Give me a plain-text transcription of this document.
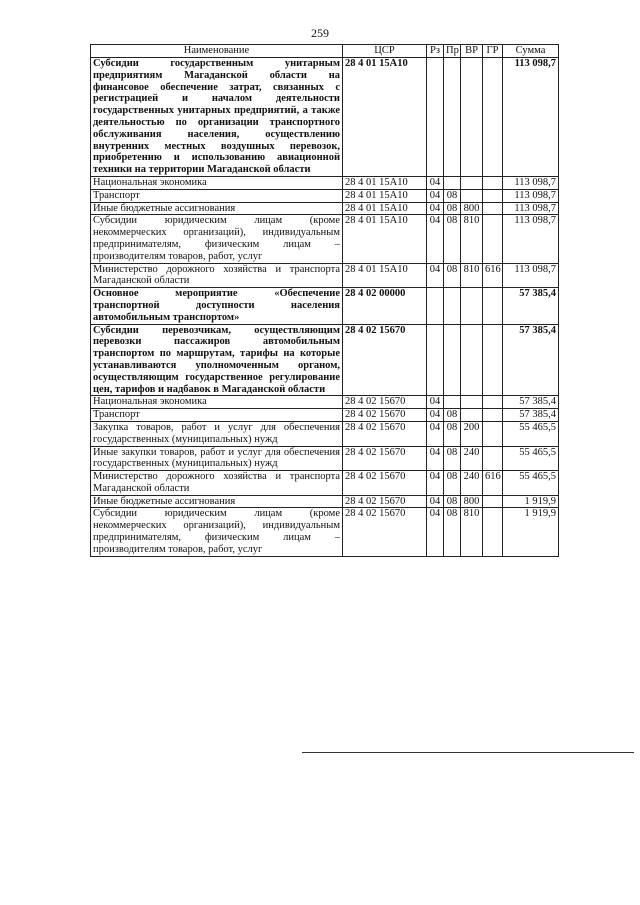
259
Наименование	ЦСР	Рз	Пр	ВР	ГР	Сумма
Субсидии государственным унитарным предприятиям Магаданской области на финансовое обеспечение затрат, связанных с регистрацией и началом деятельности государственных унитарных предприятий, а также деятельностью по организации транспортного обслуживания населения, осуществлению внутренних местных воздушных перевозок, приобретению и использованию авиационной техники на территории Магаданской области	28 4 01 15А10					113 098,7
Национальная экономика	28 4 01 15А10	04				113 098,7
Транспорт	28 4 01 15А10	04	08			113 098,7
Иные бюджетные ассигнования	28 4 01 15А10	04	08	800		113 098,7
Субсидии юридическим лицам (кроме некоммерческих организаций), индивидуальным предпринимателям, физическим лицам – производителям товаров, работ, услуг	28 4 01 15А10	04	08	810		113 098,7
Министерство дорожного хозяйства и транспорта Магаданской области	28 4 01 15А10	04	08	810	616	113 098,7
Основное мероприятие «Обеспечение транспортной доступности населения автомобильным транспортом»	28 4 02 00000					57 385,4
Субсидии перевозчикам, осуществляющим перевозки пассажиров автомобильным транспортом по маршрутам, тарифы на которые устанавливаются уполномоченным органом, осуществляющим государственное регулирование цен, тарифов и надбавок в Магаданской области	28 4 02 15670					57 385,4
Национальная экономика	28 4 02 15670	04				57 385,4
Транспорт	28 4 02 15670	04	08			57 385,4
Закупка товаров, работ и услуг для обеспечения государственных (муниципальных) нужд	28 4 02 15670	04	08	200		55 465,5
Иные закупки товаров, работ и услуг для обеспечения государственных (муниципальных) нужд	28 4 02 15670	04	08	240		55 465,5
Министерство дорожного хозяйства и транспорта Магаданской области	28 4 02 15670	04	08	240	616	55 465,5
Иные бюджетные ассигнования	28 4 02 15670	04	08	800		1 919,9
Субсидии юридическим лицам (кроме некоммерческих организаций), индивидуальным предпринимателям, физическим лицам – производителям товаров, работ, услуг	28 4 02 15670	04	08	810		1 919,9
